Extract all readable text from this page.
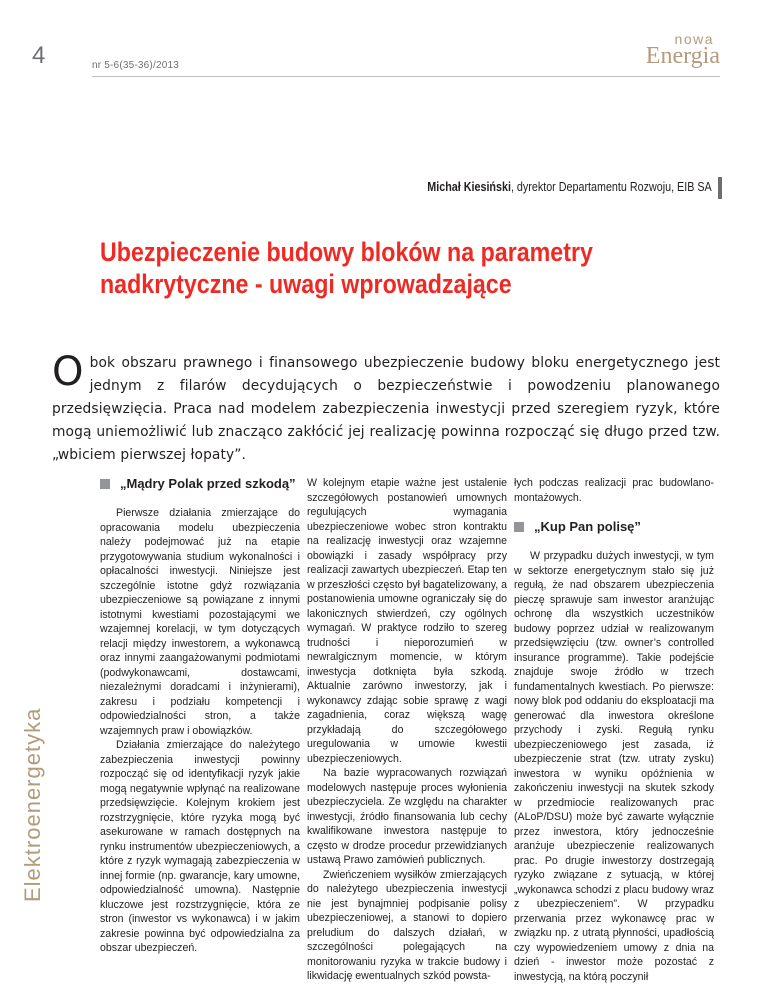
4	nr 5-6(35-36)/2013
nowa
Energia
Michał Kiesiński, dyrektor Departamentu Rozwoju, EIB SA
Ubezpieczenie budowy bloków na parametry nadkrytyczne - uwagi wprowadzające
Obok obszaru prawnego i finansowego ubezpieczenie budowy bloku energetycznego jest jednym z filarów decydujących o bezpieczeństwie i powodzeniu planowanego przedsięwzięcia. Praca nad modelem zabezpieczenia inwestycji przed szeregiem ryzyk, które mogą uniemożliwić lub znacząco zakłócić jej realizację powinna rozpocząć się długo przed tzw. „wbiciem pierwszej łopaty”.
Elektroenergetyka
„Mądry Polak przed szkodą”

Pierwsze działania zmierzające do opracowania modelu ubezpieczenia należy podejmować już na etapie przygotowywania studium wykonalności i opłacalności inwestycji. Niniejsze jest szczególnie istotne gdyż rozwiązania ubezpieczeniowe są powiązane z innymi istotnymi kwestiami pozostającymi we wzajemnej korelacji, w tym dotyczących relacji między inwestorem, a wykonawcą oraz innymi zaangażowanymi podmiotami (podwykonawcami, dostawcami, niezależnymi doradcami i inżynierami), zakresu i podziału kompetencji i odpowiedzialności stron, a także wzajemnych praw i obowiązków.

Działania zmierzające do należytego zabezpieczenia inwestycji powinny rozpocząć się od identyfikacji ryzyk jakie mogą negatywnie wpłynąć na realizowane przedsięwzięcie. Kolejnym krokiem jest rozstrzygnięcie, które ryzyka mogą być asekurowane w ramach dostępnych na rynku instrumentów ubezpieczeniowych, a które z ryzyk wymagają zabezpieczenia w innej formie (np. gwarancje, kary umowne, odpowiedzialność umowna). Następnie kluczowe jest rozstrzygnięcie, która ze stron (inwestor vs wykonawca) i w jakim zakresie powinna być odpowiedzialna za obszar ubezpieczeń.

W kolejnym etapie ważne jest ustalenie szczegółowych postanowień umownych regulujących wymagania ubezpieczeniowe wobec stron kontraktu na realizację inwestycji oraz wzajemne obowiązki i zasady współpracy przy realizacji zawartych ubezpieczeń. Etap ten w przeszłości często był bagatelizowany, a postanowienia umowne ograniczały się do lakonicznych stwierdzeń, czy ogólnych wymagań. W praktyce rodziło to szereg trudności i nieporozumień w newralgicznym momencie, w którym inwestycja dotknięta była szkodą. Aktualnie zarówno inwestorzy, jak i wykonawcy zdając sobie sprawę z wagi zagadnienia, coraz większą wagę przykładają do szczegółowego uregulowania w umowie kwestii ubezpieczeniowych.

Na bazie wypracowanych rozwiązań modelowych następuje proces wyłonienia ubezpieczyciela. Ze względu na charakter inwestycji, źródło finansowania lub cechy kwalifikowane inwestora następuje to często w drodze procedur przewidzianych ustawą Prawo zamówień publicznych.

Zwieńczeniem wysiłków zmierzających do należytego ubezpieczenia inwestycji nie jest bynajmniej podpisanie polisy ubezpieczeniowej, a stanowi to dopiero preludium do dalszych działań, w szczególności polegających na monitorowaniu ryzyka w trakcie budowy i likwidację ewentualnych szkód powsta-

łych podczas realizacji prac budowlano-montażowych.

„Kup Pan polisę”

W przypadku dużych inwestycji, w tym w sektorze energetycznym stało się już regułą, że nad obszarem ubezpieczenia pieczę sprawuje sam inwestor aranżując ochronę dla wszystkich uczestników budowy poprzez udział w realizowanym przedsięwzięciu (tzw. owner’s controlled insurance programme). Takie podejście znajduje swoje źródło w trzech fundamentalnych kwestiach. Po pierwsze: nowy blok pod oddaniu do eksploatacji ma generować dla inwestora określone przychody i zyski. Regułą rynku ubezpieczeniowego jest zasada, iż ubezpieczenie strat (tzw. utraty zysku) inwestora w wyniku opóźnienia w zakończeniu inwestycji na skutek szkody w przedmiocie realizowanych prac (ALoP/DSU) może być zawarte wyłącznie przez inwestora, który jednocześnie aranżuje ubezpieczenie realizowanych prac. Po drugie inwestorzy dostrzegają ryzyko związane z sytuacją, w której „wykonawca schodzi z placu budowy wraz z ubezpieczeniem”. W przypadku przerwania przez wykonawcę prac w związku np. z utratą płynności, upadłością czy wypowiedzeniem umowy z dnia na dzień - inwestor może pozostać z inwestycją, na którą poczynił
